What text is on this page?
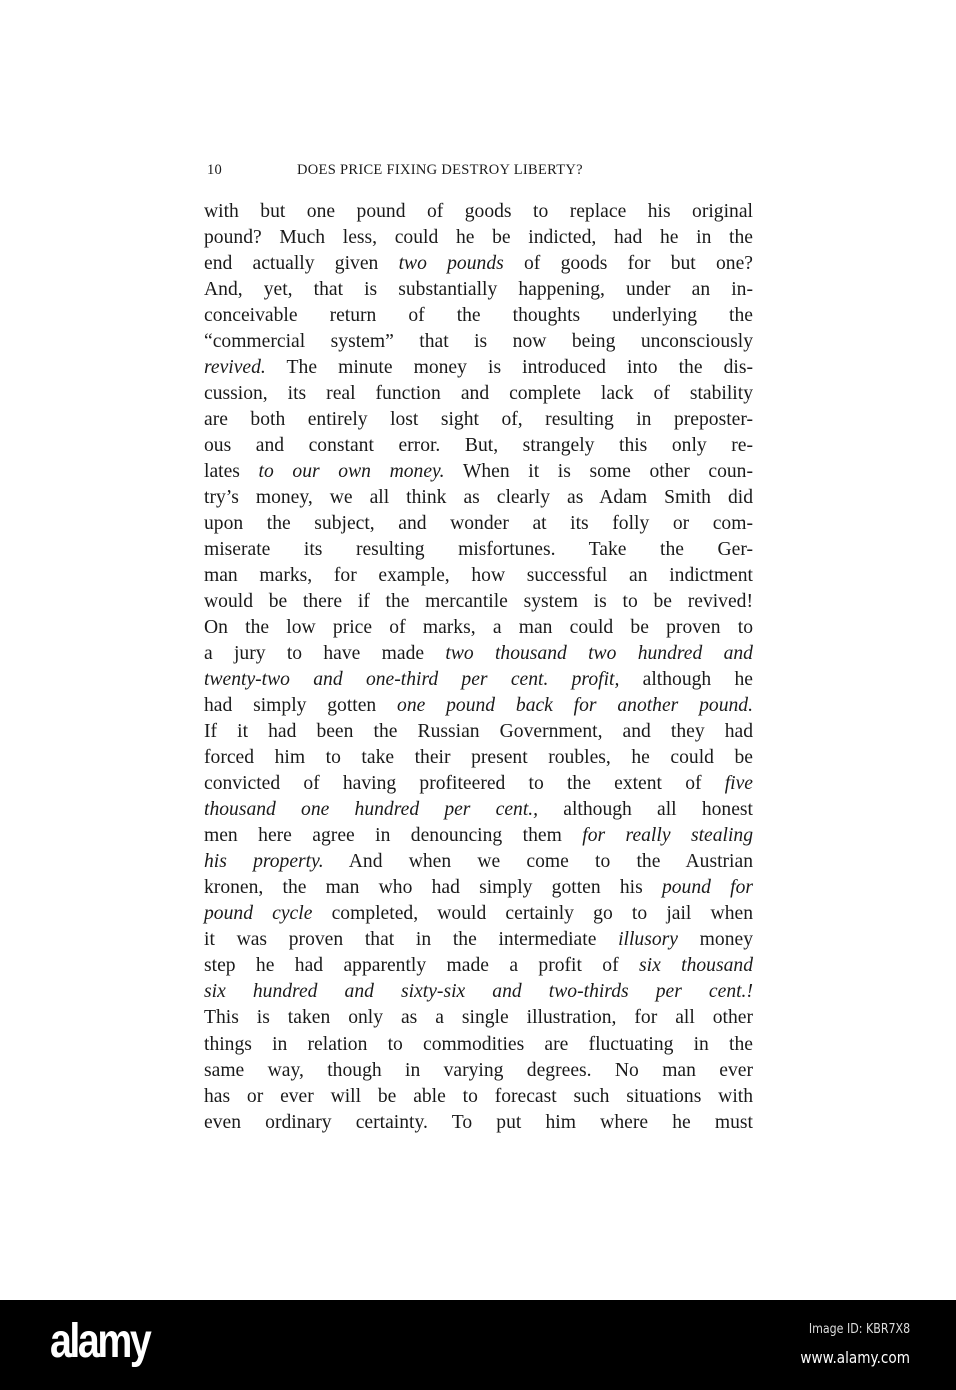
10	DOES PRICE FIXING DESTROY LIBERTY?
with but one pound of goods to replace his original
pound? Much less, could he be indicted, had he in the
end actually given two pounds of goods for but one?
And, yet, that is substantially happening, under an in-
conceivable return of the thoughts underlying the
“commercial system” that is now being unconsciously
revived. The minute money is introduced into the dis-
cussion, its real function and complete lack of stability
are both entirely lost sight of, resulting in preposter-
ous and constant error. But, strangely this only re-
lates to our own money. When it is some other coun-
try’s money, we all think as clearly as Adam Smith did
upon the subject, and wonder at its folly or com-
miserate its resulting misfortunes. Take the Ger-
man marks, for example, how successful an indictment
would be there if the mercantile system is to be revived!
On the low price of marks, a man could be proven to
a jury to have made two thousand two hundred and
twenty-two and one-third per cent. profit, although he
had simply gotten one pound back for another pound.
If it had been the Russian Government, and they had
forced him to take their present roubles, he could be
convicted of having profiteered to the extent of five
thousand one hundred per cent., although all honest
men here agree in denouncing them for really stealing
his property. And when we come to the Austrian
kronen, the man who had simply gotten his pound for
pound cycle completed, would certainly go to jail when
it was proven that in the intermediate illusory money
step he had apparently made a profit of six thousand
six hundred and sixty-six and two-thirds per cent.!
This is taken only as a single illustration, for all other
things in relation to commodities are fluctuating in the
same way, though in varying degrees. No man ever
has or ever will be able to forecast such situations with
even ordinary certainty. To put him where he must
alamy	Image ID: KBR7X8
www.alamy.com
